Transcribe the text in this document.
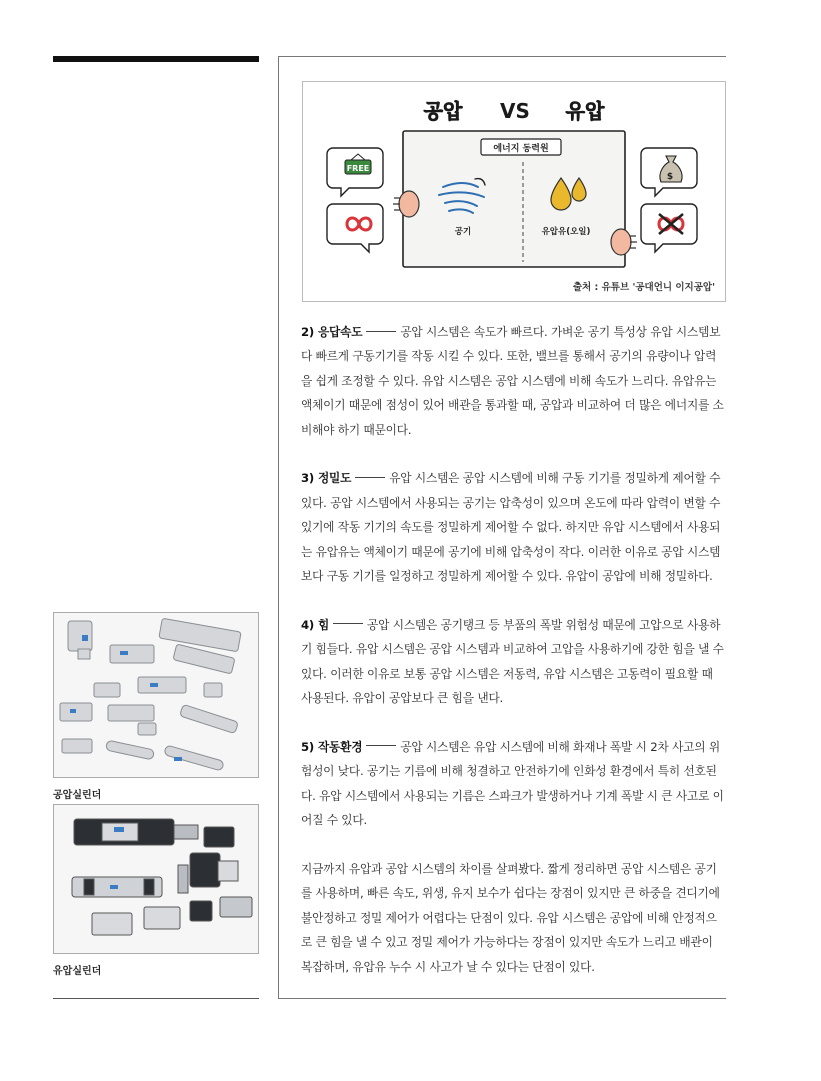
공압 VS 유압
에너지 동력원
공기	유압유(오일)
FREE
$
출처 : 유튜브 '공대언니 이지공압'

2) 응답속도	공압 시스템은 속도가 빠르다. 가벼운 공기 특성상 유압 시스템보다 빠르게 구동기기를 작동 시킬 수 있다. 또한, 밸브를 통해서 공기의 유량이나 압력을 쉽게 조정할 수 있다. 유압 시스템은 공압 시스템에 비해 속도가 느리다. 유압유는 액체이기 때문에 점성이 있어 배관을 통과할 때, 공압과 비교하여 더 많은 에너지를 소비해야 하기 때문이다.

3) 정밀도	유압 시스템은 공압 시스템에 비해 구동 기기를 정밀하게 제어할 수 있다. 공압 시스템에서 사용되는 공기는 압축성이 있으며 온도에 따라 압력이 변할 수 있기에 작동 기기의 속도를 정밀하게 제어할 수 없다. 하지만 유압 시스템에서 사용되는 유압유는 액체이기 때문에 공기에 비해 압축성이 작다. 이러한 이유로 공압 시스템보다 구동 기기를 일정하고 정밀하게 제어할 수 있다. 유압이 공압에 비해 정밀하다.

4) 힘	공압 시스템은 공기탱크 등 부품의 폭발 위험성 때문에 고압으로 사용하기 힘들다. 유압 시스템은 공압 시스템과 비교하여 고압을 사용하기에 강한 힘을 낼 수 있다. 이러한 이유로 보통 공압 시스템은 저동력, 유압 시스템은 고동력이 필요할 때 사용된다. 유압이 공압보다 큰 힘을 낸다.

5) 작동환경	공압 시스템은 유압 시스템에 비해 화재나 폭발 시 2차 사고의 위험성이 낮다. 공기는 기름에 비해 청결하고 안전하기에 인화성 환경에서 특히 선호된다. 유압 시스템에서 사용되는 기름은 스파크가 발생하거나 기계 폭발 시 큰 사고로 이어질 수 있다.

지금까지 유압과 공압 시스템의 차이를 살펴봤다. 짧게 정리하면 공압 시스템은 공기를 사용하며, 빠른 속도, 위생, 유지 보수가 쉽다는 장점이 있지만 큰 하중을 견디기에 불안정하고 정밀 제어가 어렵다는 단점이 있다. 유압 시스템은 공압에 비해 안정적으로 큰 힘을 낼 수 있고 정밀 제어가 가능하다는 장점이 있지만 속도가 느리고 배관이 복잡하며, 유압유 누수 시 사고가 날 수 있다는 단점이 있다.

공압실린더
유압실린더
